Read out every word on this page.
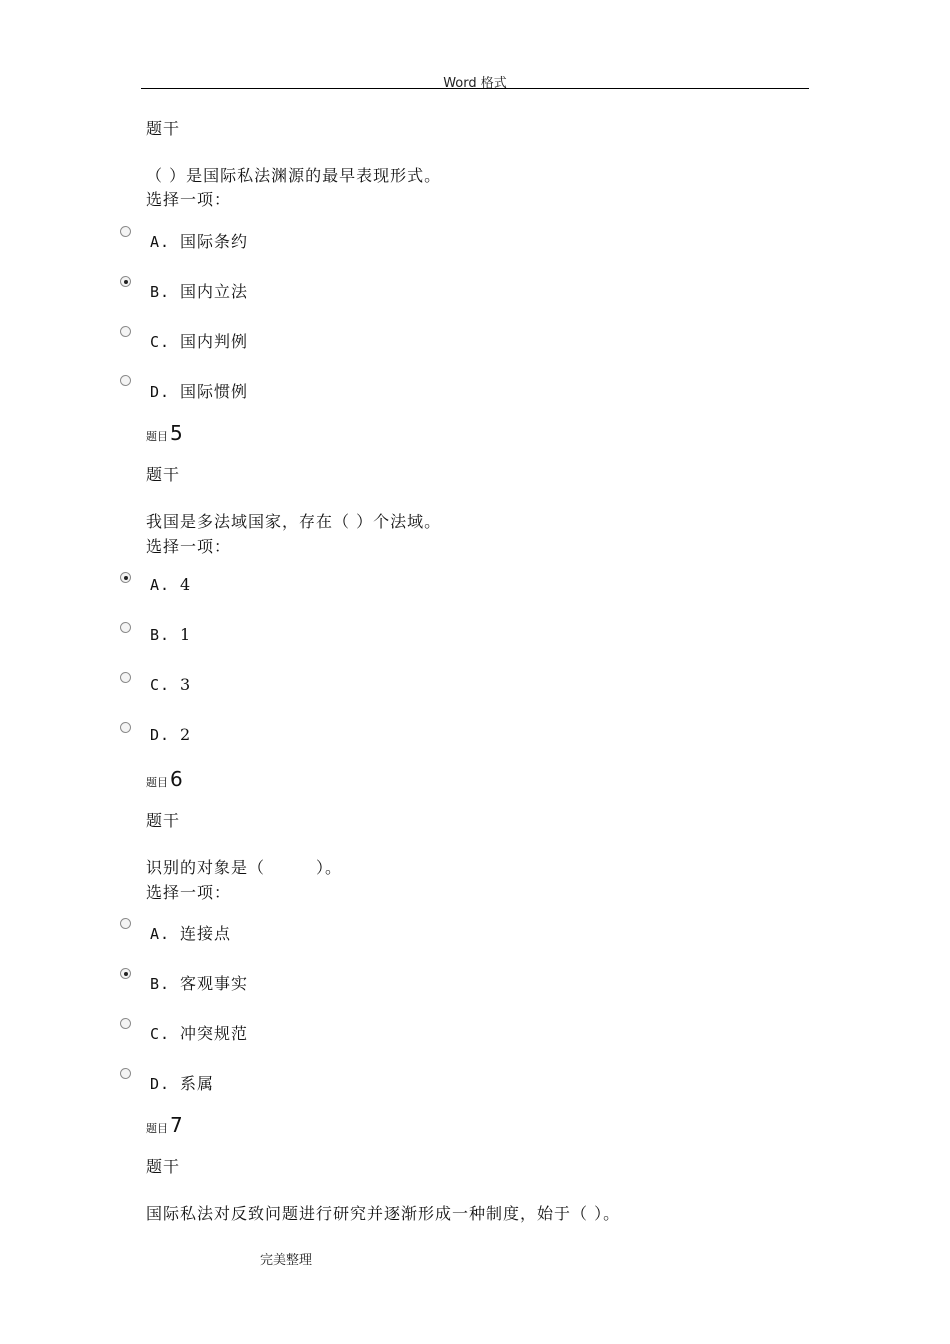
Word 格式
题干
（ ）是国际私法渊源的最早表现形式。
选择一项：
A. 国际条约
B. 国内立法
C. 国内判例
D. 国际惯例
题目 5
题干
我国是多法域国家，存在（ ）个法域。
选择一项：
A. 4
B. 1
C. 3
D. 2
题目 6
题干
识别的对象是（　　　）。
选择一项：
A. 连接点
B. 客观事实
C. 冲突规范
D. 系属
题目 7
题干
国际私法对反致问题进行研究并逐渐形成一种制度，始于（ ）。
完美整理
